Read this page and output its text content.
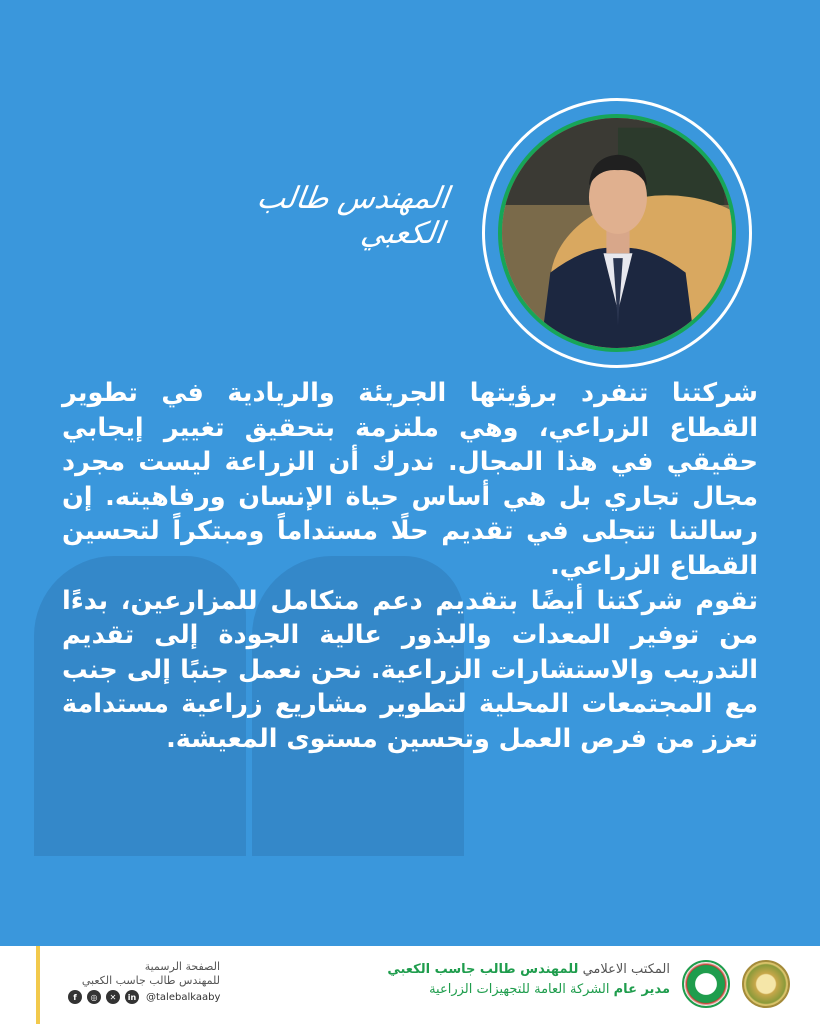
المهندس طالب الكعبي

شركتنا تنفرد برؤيتها الجريئة والريادية في تطوير القطاع الزراعي، وهي ملتزمة بتحقيق تغيير إيجابي حقيقي في هذا المجال. ندرك أن الزراعة ليست مجرد مجال تجاري بل هي أساس حياة الإنسان ورفاهيته. إن رسالتنا تتجلى في تقديم حلًا مستداماً ومبتكراً لتحسين القطاع الزراعي.

تقوم شركتنا أيضًا بتقديم دعم متكامل للمزارعين، بدءًا من توفير المعدات والبذور عالية الجودة إلى تقديم التدريب والاستشارات الزراعية. نحن نعمل جنبًا إلى جنب مع المجتمعات المحلية لتطوير مشاريع زراعية مستدامة تعزز من فرص العمل وتحسين مستوى المعيشة.

الصفحة الرسمية
للمهندس طالب جاسب الكعبي
f	◎	✕	in @talebalkaaby
المكتب الاعلامي للمهندس طالب جاسب الكعبي
مدير عام الشركة العامة للتجهيزات الزراعية
